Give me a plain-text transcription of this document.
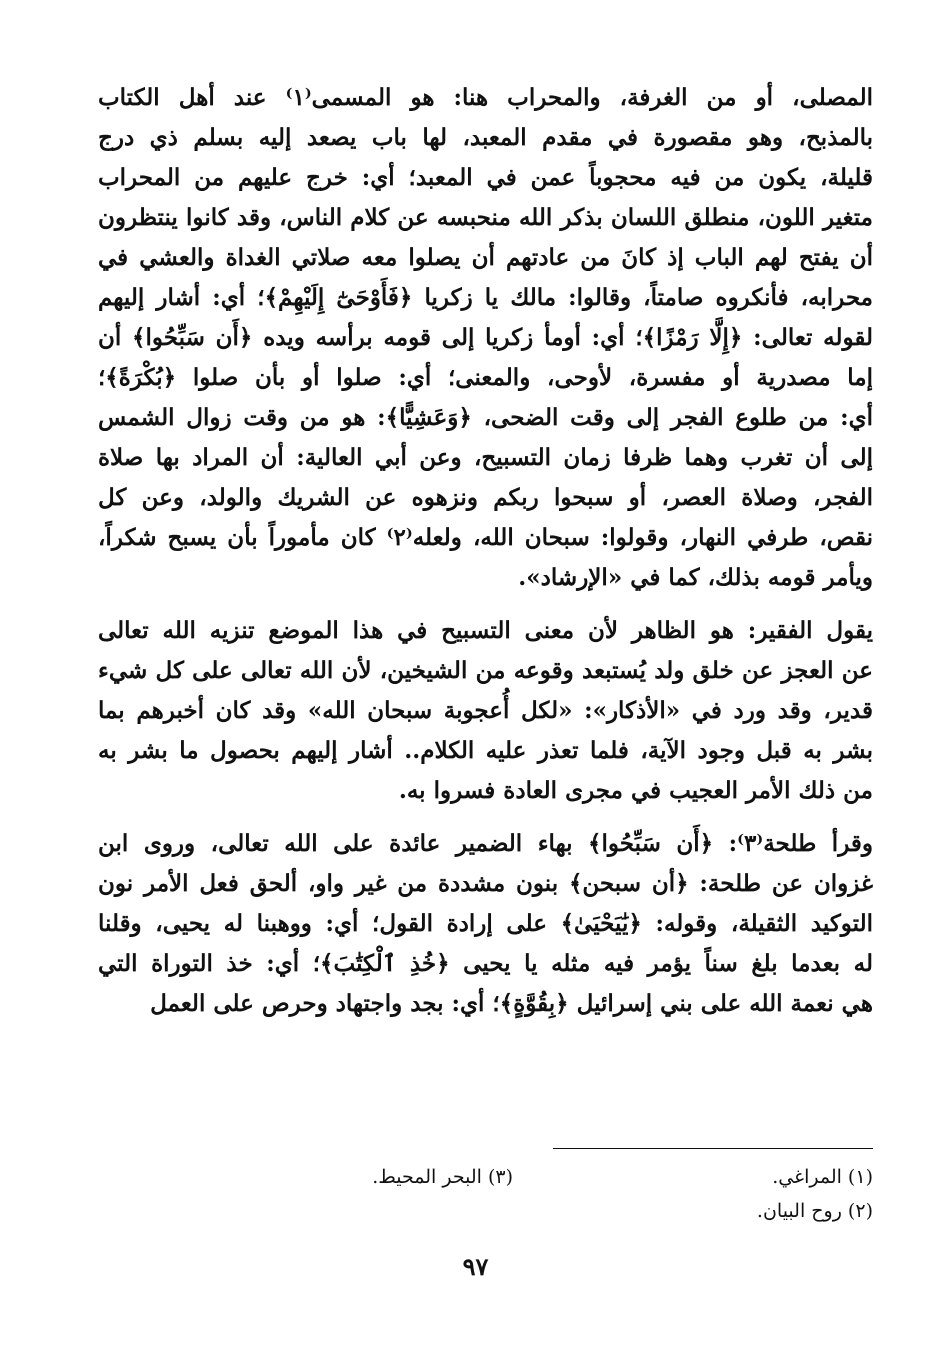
المصلى، أو من الغرفة، والمحراب هنا: هو المسمى⁽١⁾ عند أهل الكتاب
بالمذبح، وهو مقصورة في مقدم المعبد، لها باب يصعد إليه بسلم ذي درج
قليلة، يكون من فيه محجوباً عمن في المعبد؛ أي: خرج عليهم من المحراب
متغير اللون، منطلق اللسان بذكر الله منحبسه عن كلام الناس، وقد كانوا ينتظرون
أن يفتح لهم الباب إذ كانَ من عادتهم أن يصلوا معه صلاتي الغداة والعشي في
محرابه، فأنكروه صامتاً، وقالوا: مالك يا زكريا ﴿فَأَوْحَىٰٓ إِلَيْهِمْ﴾؛ أي: أشار إليهم
لقوله تعالى: ﴿إِلَّا رَمْزًا﴾؛ أي: أومأ زكريا إلى قومه برأسه ويده ﴿أَن سَبِّحُوا﴾ أن
إما مصدرية أو مفسرة، لأوحى، والمعنى؛ أي: صلوا أو بأن صلوا ﴿بُكْرَةً﴾؛
أي: من طلوع الفجر إلى وقت الضحى، ﴿وَعَشِيًّا﴾: هو من وقت زوال الشمس
إلى أن تغرب وهما ظرفا زمان التسبيح، وعن أبي العالية: أن المراد بها صلاة
الفجر، وصلاة العصر، أو سبحوا ربكم ونزهوه عن الشريك والولد، وعن كل
نقص، طرفي النهار، وقولوا: سبحان الله، ولعله⁽٢⁾ كان مأموراً بأن يسبح شكراً،
ويأمر قومه بذلك، كما في «الإرشاد».
يقول الفقير: هو الظاهر لأن معنى التسبيح في هذا الموضع تنزيه الله تعالى
عن العجز عن خلق ولد يُستبعد وقوعه من الشيخين، لأن الله تعالى على كل شيء
قدير، وقد ورد في «الأذكار»: «لكل أُعجوبة سبحان الله» وقد كان أخبرهم بما
بشر به قبل وجود الآية، فلما تعذر عليه الكلام.. أشار إليهم بحصول ما بشر به
من ذلك الأمر العجيب في مجرى العادة فسروا به.
وقرأ طلحة⁽٣⁾: ﴿أَن سَبِّحُوا﴾ بهاء الضمير عائدة على الله تعالى، وروى ابن
غزوان عن طلحة: ﴿أن سبحن﴾ بنون مشددة من غير واو، ألحق فعل الأمر نون
التوكيد الثقيلة، وقوله: ﴿يَٰيَحْيَىٰ﴾ على إرادة القول؛ أي: ووهبنا له يحيى، وقلنا
له بعدما بلغ سناً يؤمر فيه مثله يا يحيى ﴿خُذِ ٱلْكِتَٰبَ﴾؛ أي: خذ التوراة التي
هي نعمة الله على بني إسرائيل ﴿بِقُوَّةٍ﴾؛ أي: بجد واجتهاد وحرص على العمل
(١) المراغي.
(٣) البحر المحيط.
(٢) روح البيان.
٩٧
